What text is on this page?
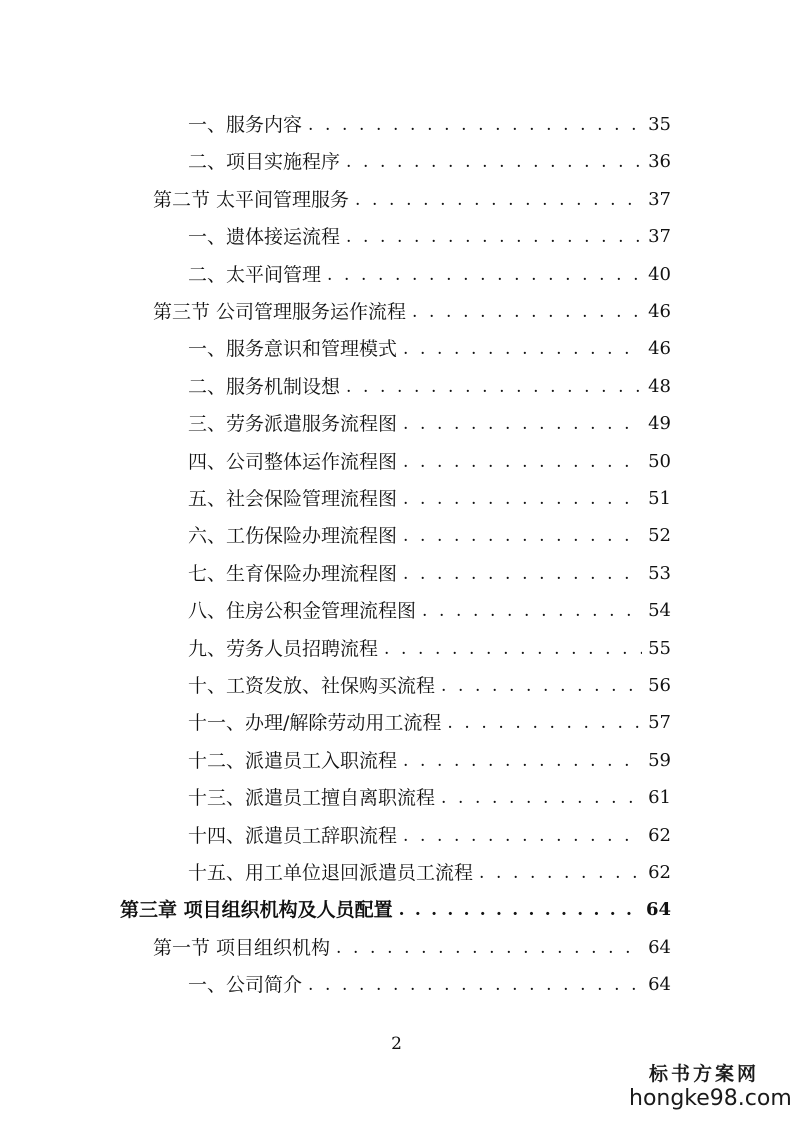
一、服务内容 . . .	35
二、项目实施程序 . . .	36
第二节 太平间管理服务 . . .	37
一、遗体接运流程 . . .	37
二、太平间管理 . . .	40
第三节 公司管理服务运作流程 . . .	46
一、服务意识和管理模式 . . .	46
二、服务机制设想 . . .	48
三、劳务派遣服务流程图 . . .	49
四、公司整体运作流程图 . . .	50
五、社会保险管理流程图 . . .	51
六、工伤保险办理流程图 . . .	52
七、生育保险办理流程图 . . .	53
八、住房公积金管理流程图 . . .	54
九、劳务人员招聘流程 . . .	55
十、工资发放、社保购买流程 . . .	56
十一、办理/解除劳动用工流程 . . .	57
十二、派遣员工入职流程 . . .	59
十三、派遣员工擅自离职流程 . . .	61
十四、派遣员工辞职流程 . . .	62
十五、用工单位退回派遣员工流程 . . .	62
第三章 项目组织机构及人员配置 . . .	64
第一节 项目组织机构 . . .	64
一、公司简介 . . .	64
2
标书方案网
hongke98.com
